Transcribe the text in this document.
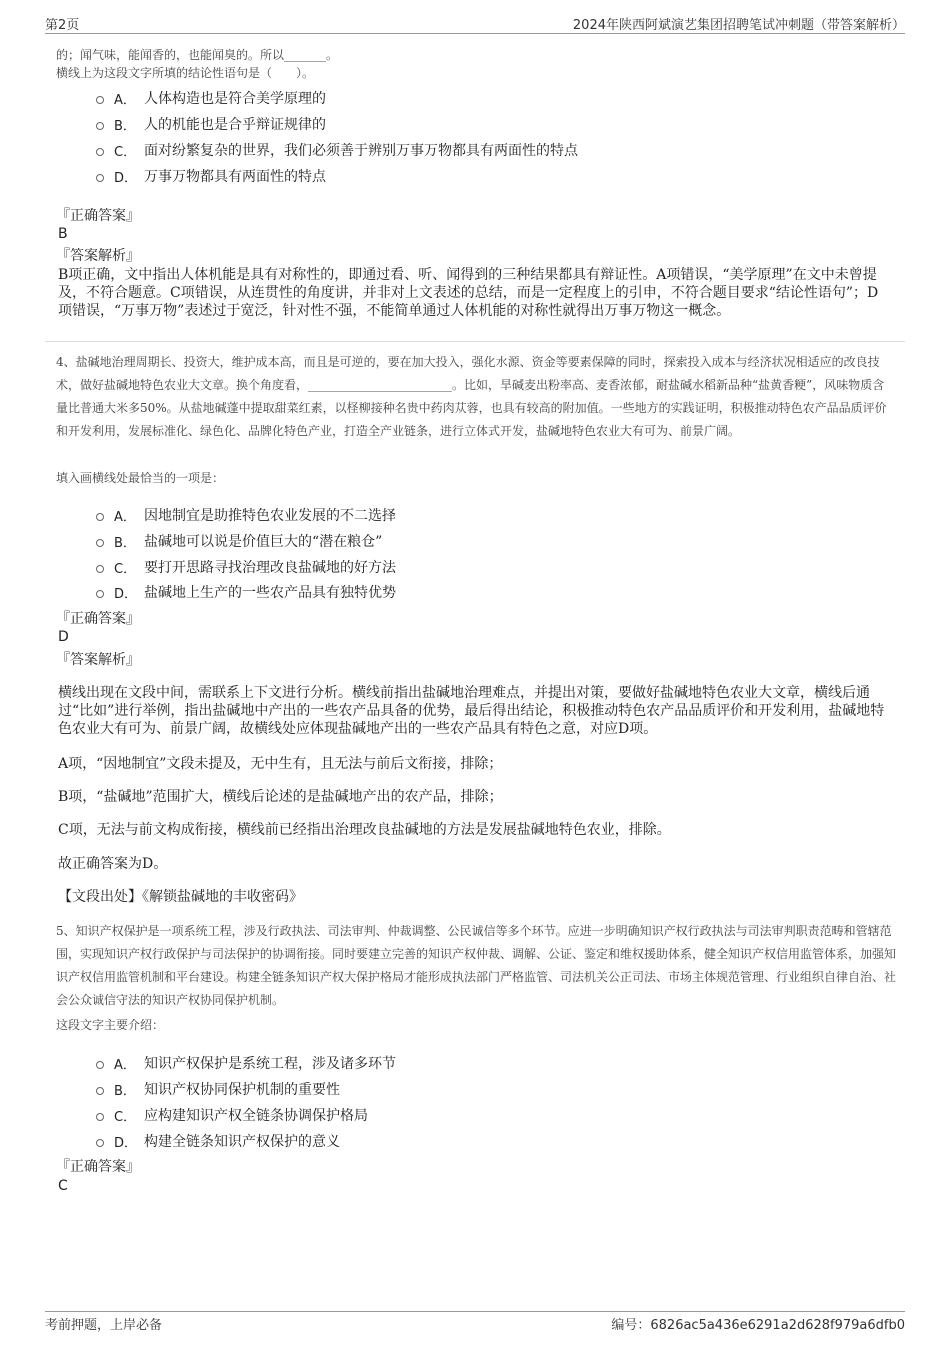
第2页	2024年陕西阿斌演艺集团招聘笔试冲刺题（带答案解析）
的；闻气味，能闻香的，也能闻臭的。所以_______。
横线上为这段文字所填的结论性语句是（　　）。
A． 人体构造也是符合美学原理的
B． 人的机能也是合乎辩证规律的
C． 面对纷繁复杂的世界，我们必须善于辨别万事万物都具有两面性的特点
D． 万事万物都具有两面性的特点
『正确答案』
B
『答案解析』
B项正确，文中指出人体机能是具有对称性的，即通过看、听、闻得到的三种结果都具有辩证性。A项错误，“美学原理”在文中未曾提及，不符合题意。C项错误，从连贯性的角度讲，并非对上文表述的总结，而是一定程度上的引申，不符合题目要求“结论性语句”；D项错误，“万事万物”表述过于宽泛，针对性不强，不能简单通过人体机能的对称性就得出万事万物这一概念。
4、盐碱地治理周期长、投资大，维护成本高，而且是可逆的，要在加大投入，强化水源、资金等要素保障的同时，探索投入成本与经济状况相适应的改良技术，做好盐碱地特色农业大文章。换个角度看，________________________。比如，旱碱麦出粉率高、麦香浓郁，耐盐碱水稻新品种“盐黄香粳”，风味物质含量比普通大米多50%。从盐地碱蓬中提取甜菜红素，以柽柳接种名贵中药肉苁蓉，也具有较高的附加值。一些地方的实践证明，积极推动特色农产品品质评价和开发利用，发展标准化、绿色化、品牌化特色产业，打造全产业链条，进行立体式开发，盐碱地特色农业大有可为、前景广阔。
填入画横线处最恰当的一项是：
A． 因地制宜是助推特色农业发展的不二选择
B． 盐碱地可以说是价值巨大的“潜在粮仓”
C． 要打开思路寻找治理改良盐碱地的好方法
D． 盐碱地上生产的一些农产品具有独特优势
『正确答案』
D
『答案解析』
横线出现在文段中间，需联系上下文进行分析。横线前指出盐碱地治理难点，并提出对策，要做好盐碱地特色农业大文章，横线后通过“比如”进行举例，指出盐碱地中产出的一些农产品具备的优势，最后得出结论，积极推动特色农产品品质评价和开发利用，盐碱地特色农业大有可为、前景广阔，故横线处应体现盐碱地产出的一些农产品具有特色之意，对应D项。
A项，“因地制宜”文段未提及，无中生有，且无法与前后文衔接，排除；
B项，“盐碱地”范围扩大，横线后论述的是盐碱地产出的农产品，排除；
C项，无法与前文构成衔接，横线前已经指出治理改良盐碱地的方法是发展盐碱地特色农业，排除。
故正确答案为D。
【文段出处】《解锁盐碱地的丰收密码》
5、知识产权保护是一项系统工程，涉及行政执法、司法审判、仲裁调整、公民诚信等多个环节。应进一步明确知识产权行政执法与司法审判职责范畴和管辖范围，实现知识产权行政保护与司法保护的协调衔接。同时要建立完善的知识产权仲裁、调解、公证、鉴定和维权援助体系，健全知识产权信用监管体系，加强知识产权信用监管机制和平台建设。构建全链条知识产权大保护格局才能形成执法部门严格监管、司法机关公正司法、市场主体规范管理、行业组织自律自治、社会公众诚信守法的知识产权协同保护机制。
这段文字主要介绍：
A． 知识产权保护是系统工程，涉及诸多环节
B． 知识产权协同保护机制的重要性
C． 应构建知识产权全链条协调保护格局
D． 构建全链条知识产权保护的意义
『正确答案』
C
考前押题，上岸必备	编号：6826ac5a436e6291a2d628f979a6dfb0
